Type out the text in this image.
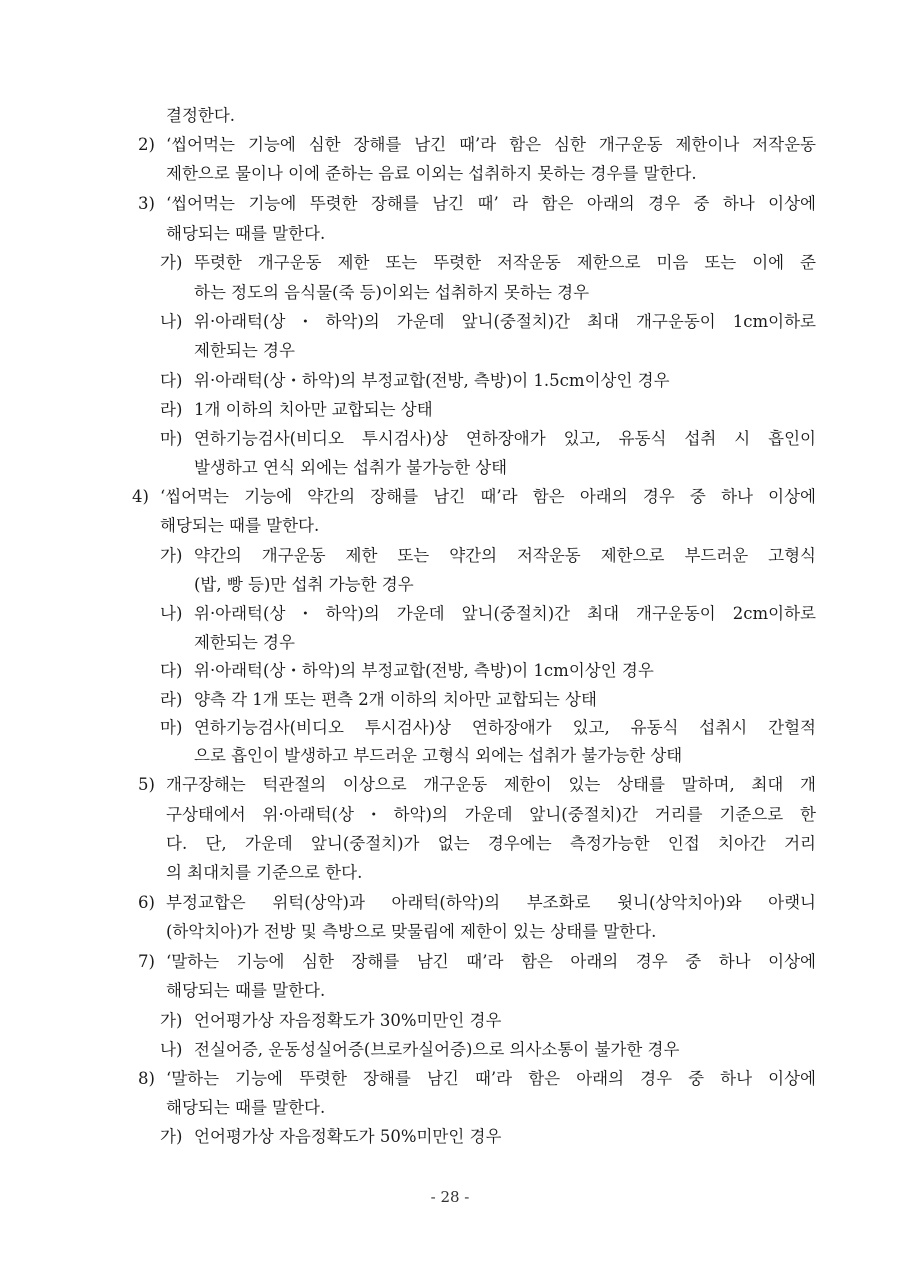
결정한다.
2) ‘씹어먹는 기능에 심한 장해를 남긴 때’라 함은 심한 개구운동 제한이나 저작운동
제한으로 물이나 이에 준하는 음료 이외는 섭취하지 못하는 경우를 말한다.
3) ‘씹어먹는 기능에 뚜렷한 장해를 남긴 때’ 라 함은 아래의 경우 중 하나 이상에
해당되는 때를 말한다.
가) 뚜렷한 개구운동 제한 또는 뚜렷한 저작운동 제한으로 미음 또는 이에 준
하는 정도의 음식물(죽 등)이외는 섭취하지 못하는 경우
나) 위·아래턱(상・하악)의 가운데 앞니(중절치)간 최대 개구운동이 1cm이하로
제한되는 경우
다) 위·아래턱(상・하악)의 부정교합(전방, 측방)이 1.5cm이상인 경우
라) 1개 이하의 치아만 교합되는 상태
마) 연하기능검사(비디오 투시검사)상 연하장애가 있고, 유동식 섭취 시 흡인이
발생하고 연식 외에는 섭취가 불가능한 상태
4) ‘씹어먹는 기능에 약간의 장해를 남긴 때’라 함은 아래의 경우 중 하나 이상에
해당되는 때를 말한다.
가) 약간의 개구운동 제한 또는 약간의 저작운동 제한으로 부드러운 고형식
(밥, 빵 등)만 섭취 가능한 경우
나) 위·아래턱(상・하악)의 가운데 앞니(중절치)간 최대 개구운동이 2cm이하로
제한되는 경우
다) 위·아래턱(상・하악)의 부정교합(전방, 측방)이 1cm이상인 경우
라) 양측 각 1개 또는 편측 2개 이하의 치아만 교합되는 상태
마) 연하기능검사(비디오 투시검사)상 연하장애가 있고, 유동식 섭취시 간헐적
으로 흡인이 발생하고 부드러운 고형식 외에는 섭취가 불가능한 상태
5) 개구장해는 턱관절의 이상으로 개구운동 제한이 있는 상태를 말하며, 최대 개
구상태에서 위·아래턱(상・하악)의 가운데 앞니(중절치)간 거리를 기준으로 한
다. 단, 가운데 앞니(중절치)가 없는 경우에는 측정가능한 인접 치아간 거리
의 최대치를 기준으로 한다.
6) 부정교합은 위턱(상악)과 아래턱(하악)의 부조화로 윗니(상악치아)와 아랫니
(하악치아)가 전방 및 측방으로 맞물림에 제한이 있는 상태를 말한다.
7) ‘말하는 기능에 심한 장해를 남긴 때’라 함은 아래의 경우 중 하나 이상에
해당되는 때를 말한다.
가) 언어평가상 자음정확도가 30%미만인 경우
나) 전실어증, 운동성실어증(브로카실어증)으로 의사소통이 불가한 경우
8) ‘말하는 기능에 뚜렷한 장해를 남긴 때’라 함은 아래의 경우 중 하나 이상에
해당되는 때를 말한다.
가) 언어평가상 자음정확도가 50%미만인 경우
- 28 -
